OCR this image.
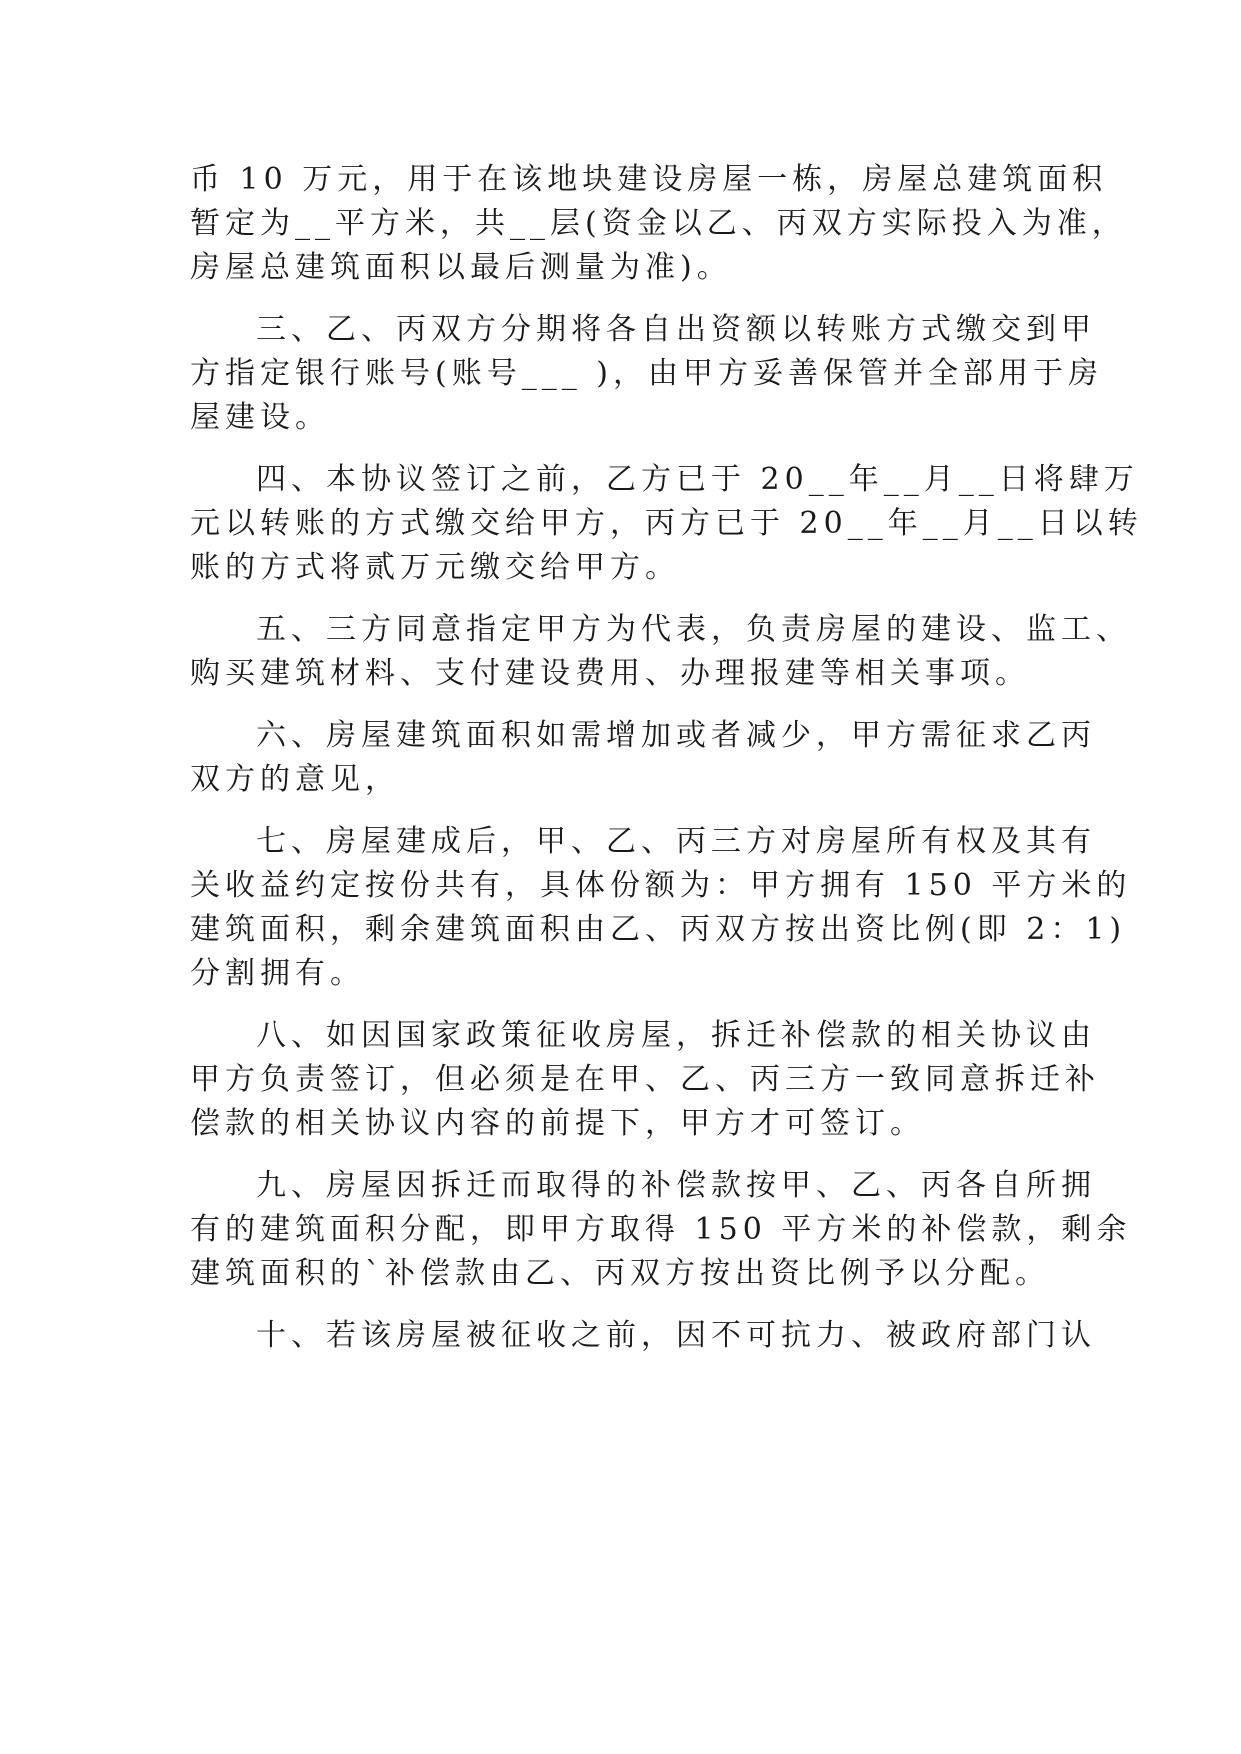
币 10 万元，用于在该地块建设房屋一栋，房屋总建筑面积

暂定为__平方米，共__层(资金以乙、丙双方实际投入为准，

房屋总建筑面积以最后测量为准)。

三、乙、丙双方分期将各自出资额以转账方式缴交到甲

方指定银行账号(账号___ )，由甲方妥善保管并全部用于房

屋建设。

四、本协议签订之前，乙方已于 20__年__月__日将肆万

元以转账的方式缴交给甲方，丙方已于 20__年__月__日以转

账的方式将贰万元缴交给甲方。

五、三方同意指定甲方为代表，负责房屋的建设、监工、

购买建筑材料、支付建设费用、办理报建等相关事项。

六、房屋建筑面积如需增加或者减少，甲方需征求乙丙

双方的意见，

七、房屋建成后，甲、乙、丙三方对房屋所有权及其有

关收益约定按份共有，具体份额为：甲方拥有 150 平方米的

建筑面积，剩余建筑面积由乙、丙双方按出资比例(即 2：1)

分割拥有。

八、如因国家政策征收房屋，拆迁补偿款的相关协议由

甲方负责签订，但必须是在甲、乙、丙三方一致同意拆迁补

偿款的相关协议内容的前提下，甲方才可签订。

九、房屋因拆迁而取得的补偿款按甲、乙、丙各自所拥

有的建筑面积分配，即甲方取得 150 平方米的补偿款，剩余

建筑面积的`补偿款由乙、丙双方按出资比例予以分配。

十、若该房屋被征收之前，因不可抗力、被政府部门认
